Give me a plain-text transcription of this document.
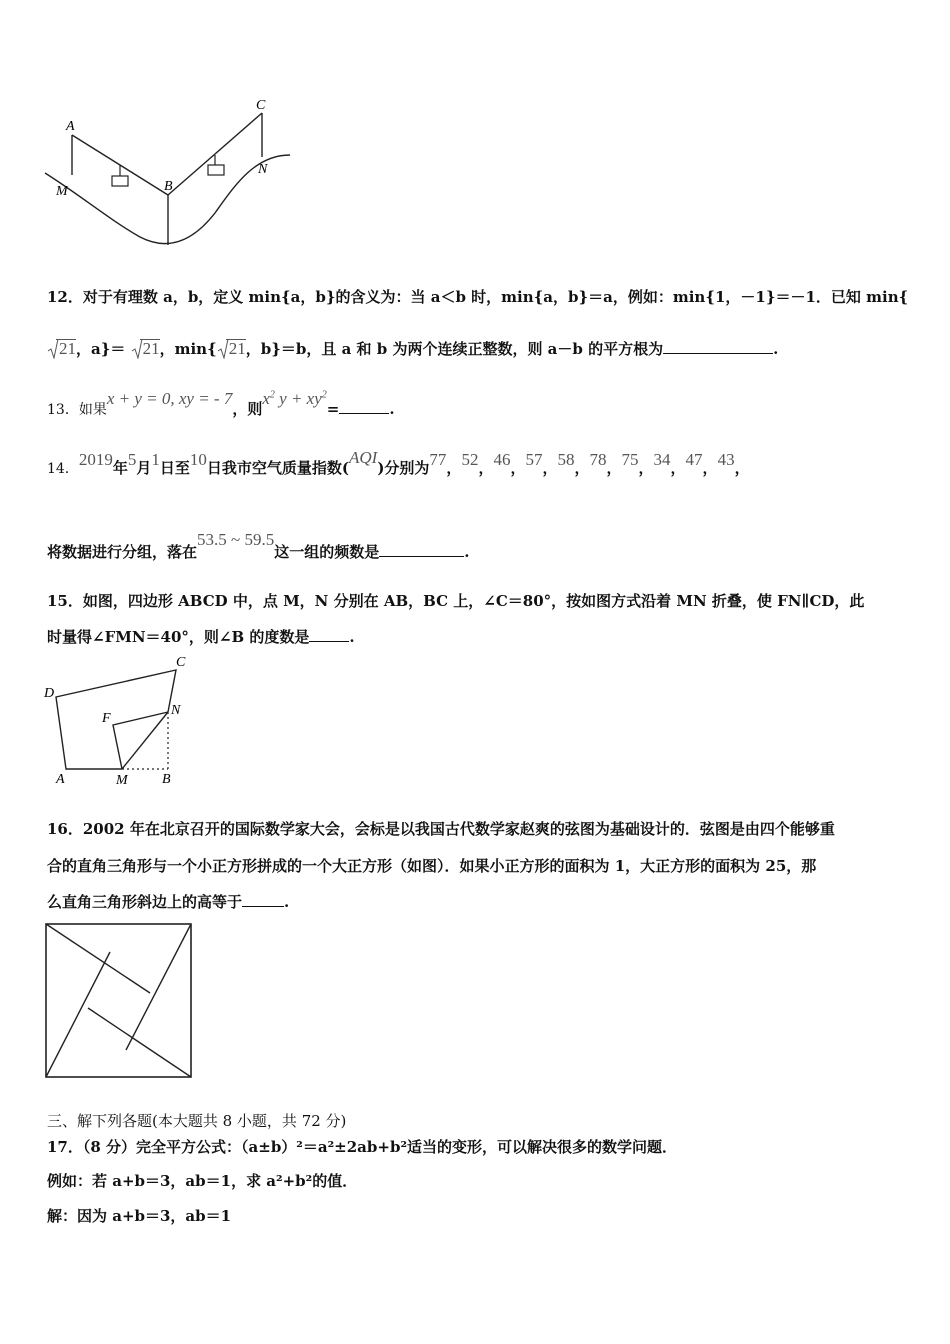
A
B
C
M
N
12．对于有理数 a，b，定义 min{a，b}的含义为：当 a＜b 时，min{a，b}＝a，例如：min{1，－1}＝－1．已知 min{
21，a}＝ 21，min{ 21，b}＝b，且 a 和 b 为两个连续正整数，则 a－b 的平方根为	.
13．如果x + y = 0, xy = - 7，则$x^2$ $y + xy^2=$	.
14．2019年5月1日至10日我市空气质量指数(AQI)分别为77，52，46，57，58，78，75，34，47，43，
将数据进行分组，落在53.5 ~ 59.5这一组的频数是	.
15．如图，四边形 ABCD 中，点 M，N 分别在 AB，BC 上，∠C＝80°，按如图方式沿着 MN 折叠，使 FN∥CD，此
时量得∠FMN＝40°，则∠B 的度数是	.
A	B
C
D
F
M
N
16．2002 年在北京召开的国际数学家大会，会标是以我国古代数学家赵爽的弦图为基础设计的．弦图是由四个能够重
合的直角三角形与一个小正方形拼成的一个大正方形（如图）．如果小正方形的面积为 1，大正方形的面积为 25，那
么直角三角形斜边上的高等于	.
三、解下列各题(本大题共 8 小题，共 72 分)
17．（8 分）完全平方公式：（a±b）²＝a²±2ab+b²适当的变形，可以解决很多的数学问题．
例如：若 a+b＝3，ab＝1，求 a²+b²的值．
解：因为 a+b＝3，ab＝1
